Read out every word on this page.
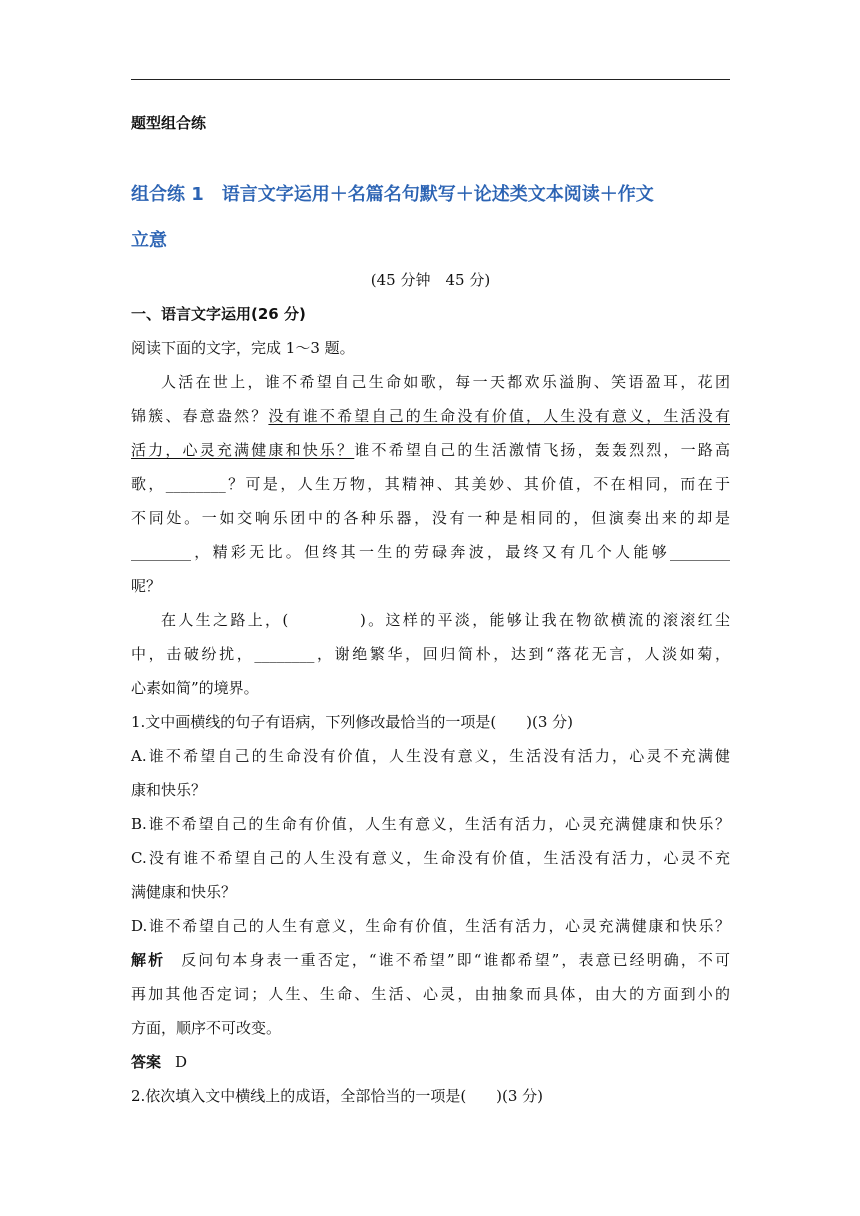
题型组合练
组合练 1　语言文字运用＋名篇名句默写＋论述类文本阅读＋作文
立意
(45 分钟　45 分)
一、语言文字运用(26 分)
阅读下面的文字，完成 1～3 题。
人活在世上，谁不希望自己生命如歌，每一天都欢乐溢朐、笑语盈耳，花团
锦簇、春意盎然？没有谁不希望自己的生命没有价值，人生没有意义，生活没有
活力，心灵充满健康和快乐？谁不希望自己的生活激情飞扬，轰轰烈烈，一路高
歌，________？可是，人生万物，其精神、其美妙、其价值，不在相同，而在于
不同处。一如交响乐团中的各种乐器，没有一种是相同的，但演奏出来的却是
________，精彩无比。但终其一生的劳碌奔波，最终又有几个人能够________
呢？
在人生之路上，(　　　　)。这样的平淡，能够让我在物欲横流的滚滚红尘
中，击破纷扰，________，谢绝繁华，回归简朴，达到“落花无言，人淡如菊，
心素如简”的境界。
1.文中画横线的句子有语病，下列修改最恰当的一项是(　　)(3 分)
A.谁不希望自己的生命没有价值，人生没有意义，生活没有活力，心灵不充满健
康和快乐？
B.谁不希望自己的生命有价值，人生有意义，生活有活力，心灵充满健康和快乐？
C.没有谁不希望自己的人生没有意义，生命没有价值，生活没有活力，心灵不充
满健康和快乐？
D.谁不希望自己的人生有意义，生命有价值，生活有活力，心灵充满健康和快乐？
解析 反问句本身表一重否定，“谁不希望”即“谁都希望”，表意已经明确，不可
再加其他否定词；人生、生命、生活、心灵，由抽象而具体，由大的方面到小的
方面，顺序不可改变。
答案 D
2.依次填入文中横线上的成语，全部恰当的一项是(　　)(3 分)
